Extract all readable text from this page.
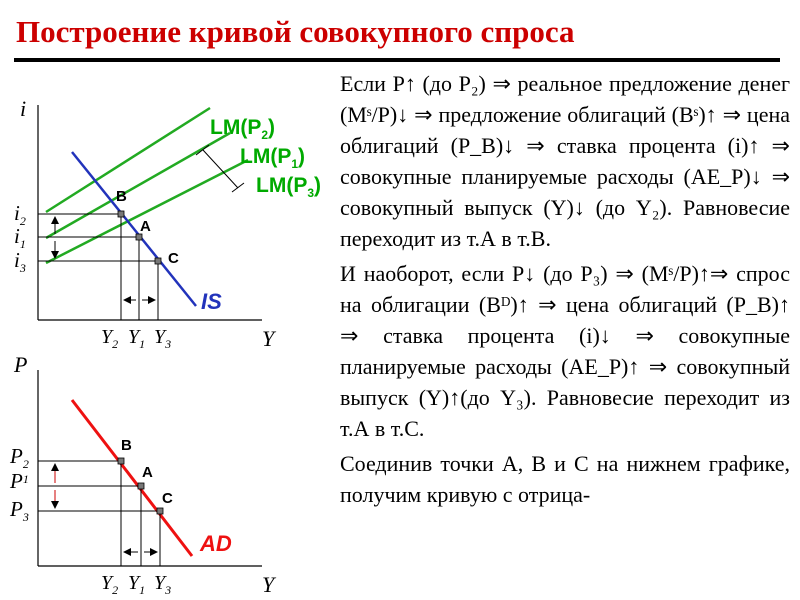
Построение кривой совокупного спроса
i
Y
IS
$LM(P_2)$
$LM(P_1)$
$LM(P_3)$
B
A
C
$i_2$
$i_1$
$i_3$
$Y_2$ $Y_1$ $Y_3$
P
Y
AD
B
A
C
$P_2$
$P^1$
$P_3$
$Y_2$ $Y_1$ $Y_3$

Если P↑ (до P₂) ⇒ реальное предложение денег (Mˢ/P)↓ ⇒ предложение облигаций (Bˢ)↑ ⇒ цена облигаций (P_B)↓ ⇒ ставка процента (i)↑ ⇒ совокупные планируемые расходы (AE_P)↓ ⇒ совокупный выпуск (Y)↓ (до Y₂). Равновесие переходит из т.А в т.В.

И наоборот, если P↓ (до P₃) ⇒ (Mˢ/P)↑⇒ спрос на облигации (Bᴰ)↑ ⇒ цена облигаций (P_B)↑ ⇒ ставка процента (i)↓ ⇒ совокупные планируемые расходы (AE_P)↑ ⇒ совокупный выпуск (Y)↑(до Y₃). Равновесие переходит из т.А в т.С.

Соединив точки А, В и С на нижнем графике, получим кривую с отрица-
